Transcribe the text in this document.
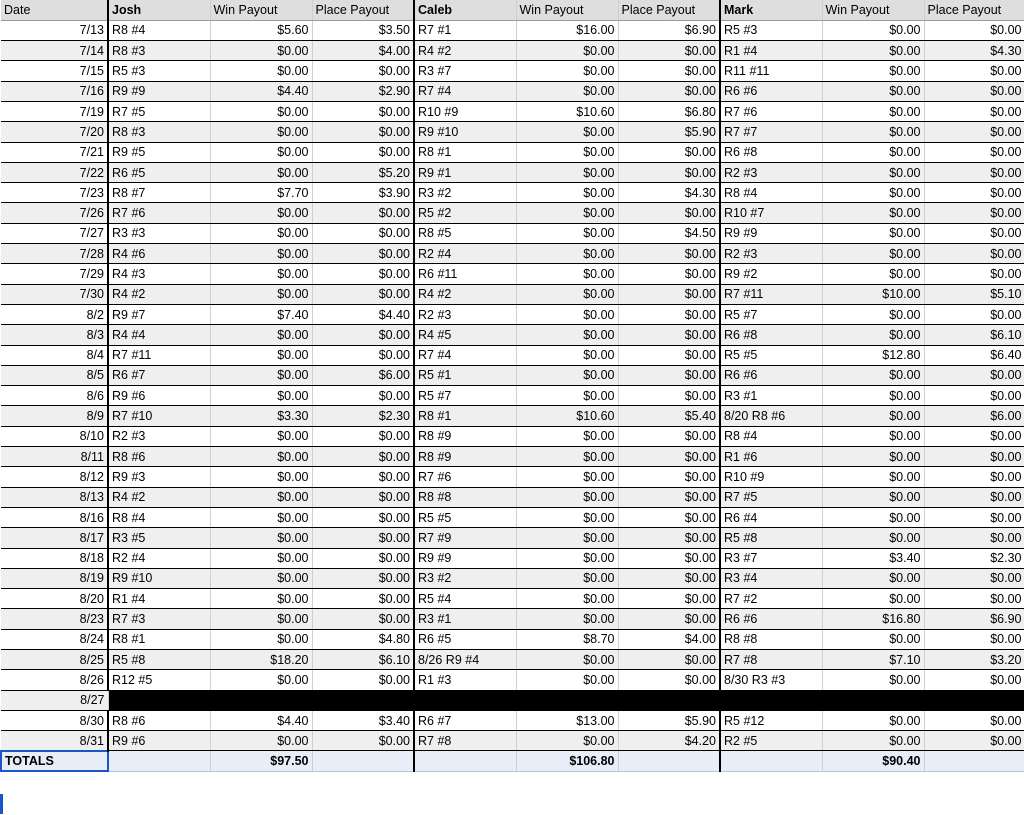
Date	Josh	Win Payout	Place Payout	Caleb	Win Payout	Place Payout	Mark	Win Payout	Place Payout
7/13	R8 #4	$5.60	$3.50	R7 #1	$16.00	$6.90	R5 #3	$0.00	$0.00
7/14	R8 #3	$0.00	$4.00	R4 #2	$0.00	$0.00	R1 #4	$0.00	$4.30
7/15	R5 #3	$0.00	$0.00	R3 #7	$0.00	$0.00	R11 #11	$0.00	$0.00
7/16	R9 #9	$4.40	$2.90	R7 #4	$0.00	$0.00	R6 #6	$0.00	$0.00
7/19	R7 #5	$0.00	$0.00	R10 #9	$10.60	$6.80	R7 #6	$0.00	$0.00
7/20	R8 #3	$0.00	$0.00	R9 #10	$0.00	$5.90	R7 #7	$0.00	$0.00
7/21	R9 #5	$0.00	$0.00	R8 #1	$0.00	$0.00	R6 #8	$0.00	$0.00
7/22	R6 #5	$0.00	$5.20	R9 #1	$0.00	$0.00	R2 #3	$0.00	$0.00
7/23	R8 #7	$7.70	$3.90	R3 #2	$0.00	$4.30	R8 #4	$0.00	$0.00
7/26	R7 #6	$0.00	$0.00	R5 #2	$0.00	$0.00	R10 #7	$0.00	$0.00
7/27	R3 #3	$0.00	$0.00	R8 #5	$0.00	$4.50	R9 #9	$0.00	$0.00
7/28	R4 #6	$0.00	$0.00	R2 #4	$0.00	$0.00	R2 #3	$0.00	$0.00
7/29	R4 #3	$0.00	$0.00	R6 #11	$0.00	$0.00	R9 #2	$0.00	$0.00
7/30	R4 #2	$0.00	$0.00	R4 #2	$0.00	$0.00	R7 #11	$10.00	$5.10
8/2	R9 #7	$7.40	$4.40	R2 #3	$0.00	$0.00	R5 #7	$0.00	$0.00
8/3	R4 #4	$0.00	$0.00	R4 #5	$0.00	$0.00	R6 #8	$0.00	$6.10
8/4	R7 #11	$0.00	$0.00	R7 #4	$0.00	$0.00	R5 #5	$12.80	$6.40
8/5	R6 #7	$0.00	$6.00	R5 #1	$0.00	$0.00	R6 #6	$0.00	$0.00
8/6	R9 #6	$0.00	$0.00	R5 #7	$0.00	$0.00	R3 #1	$0.00	$0.00
8/9	R7 #10	$3.30	$2.30	R8 #1	$10.60	$5.40	8/20 R8 #6	$0.00	$6.00
8/10	R2 #3	$0.00	$0.00	R8 #9	$0.00	$0.00	R8 #4	$0.00	$0.00
8/11	R8 #6	$0.00	$0.00	R8 #9	$0.00	$0.00	R1 #6	$0.00	$0.00
8/12	R9 #3	$0.00	$0.00	R7 #6	$0.00	$0.00	R10 #9	$0.00	$0.00
8/13	R4 #2	$0.00	$0.00	R8 #8	$0.00	$0.00	R7 #5	$0.00	$0.00
8/16	R8 #4	$0.00	$0.00	R5 #5	$0.00	$0.00	R6 #4	$0.00	$0.00
8/17	R3 #5	$0.00	$0.00	R7 #9	$0.00	$0.00	R5 #8	$0.00	$0.00
8/18	R2 #4	$0.00	$0.00	R9 #9	$0.00	$0.00	R3 #7	$3.40	$2.30
8/19	R9 #10	$0.00	$0.00	R3 #2	$0.00	$0.00	R3 #4	$0.00	$0.00
8/20	R1 #4	$0.00	$0.00	R5 #4	$0.00	$0.00	R7 #2	$0.00	$0.00
8/23	R7 #3	$0.00	$0.00	R3 #1	$0.00	$0.00	R6 #6	$16.80	$6.90
8/24	R8 #1	$0.00	$4.80	R6 #5	$8.70	$4.00	R8 #8	$0.00	$0.00
8/25	R5 #8	$18.20	$6.10	8/26 R9 #4	$0.00	$0.00	R7 #8	$7.10	$3.20
8/26	R12 #5	$0.00	$0.00	R1 #3	$0.00	$0.00	8/30 R3 #3	$0.00	$0.00
8/27									
8/30	R8 #6	$4.40	$3.40	R6 #7	$13.00	$5.90	R5 #12	$0.00	$0.00
8/31	R9 #6	$0.00	$0.00	R7 #8	$0.00	$4.20	R2 #5	$0.00	$0.00
TOTALS		$97.50			$106.80			$90.40	
